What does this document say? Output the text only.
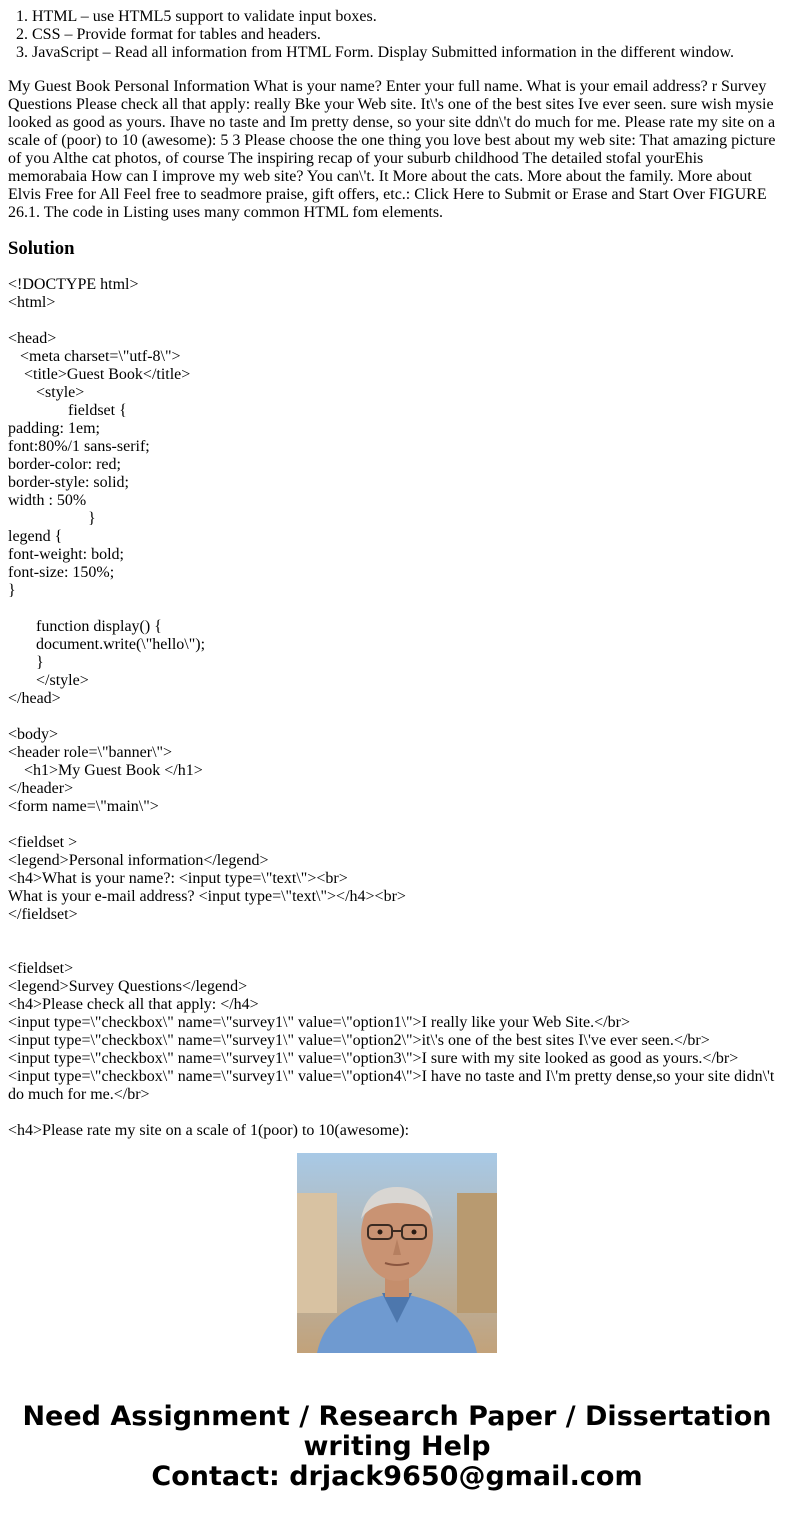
1. HTML – use HTML5 support to validate input boxes.
2. CSS – Provide format for tables and headers.
3. JavaScript – Read all information from HTML Form. Display Submitted information in the different window.

My Guest Book Personal Information What is your name? Enter your full name. What is your email address? r Survey Questions Please check all that apply: really Bke your Web site. It\'s one of the best sites Ive ever seen. sure wish mysie looked as good as yours. Ihave no taste and Im pretty dense, so your site ddn\'t do much for me. Please rate my site on a scale of (poor) to 10 (awesome): 5 3 Please choose the one thing you love best about my web site: That amazing picture of you Althe cat photos, of course The inspiring recap of your suburb childhood The detailed stofal yourEhis memorabaia How can I improve my web site? You can\'t. It More about the cats. More about the family. More about Elvis Free for All Feel free to seadmore praise, gift offers, etc.: Click Here to Submit or Erase and Start Over FIGURE 26.1. The code in Listing uses many common HTML fom elements.

Solution
<!DOCTYPE html>
<html>

<head>
<meta charset=\"utf-8\">
<title>Guest Book</title>
<style>
fieldset {
padding: 1em;
font:80%/1 sans-serif;
border-color: red;
border-style: solid;
width : 50%
}
legend {
font-weight: bold;
font-size: 150%;
}

function display() {
document.write(\"hello\");
}
</style>
</head>

<body>
<header role=\"banner\">
<h1>My Guest Book </h1>
</header>
<form name=\"main\">

<fieldset >
<legend>Personal information</legend>
<h4>What is your name?: <input type=\"text\"><br>
What is your e-mail address? <input type=\"text\"></h4><br>
</fieldset>

<fieldset>
<legend>Survey Questions</legend>
<h4>Please check all that apply: </h4>
<input type=\"checkbox\" name=\"survey1\" value=\"option1\">I really like your Web Site.</br>
<input type=\"checkbox\" name=\"survey1\" value=\"option2\">it\'s one of the best sites I\'ve ever seen.</br>
<input type=\"checkbox\" name=\"survey1\" value=\"option3\">I sure with my site looked as good as yours.</br>
<input type=\"checkbox\" name=\"survey1\" value=\"option4\">I have no taste and I\'m pretty dense,so your site didn\'t do much for me.</br>

<h4>Please rate my site on a scale of 1(poor) to 10(awesome):
Need Assignment / Research Paper / Dissertation
writing Help
Contact: drjack9650@gmail.com
